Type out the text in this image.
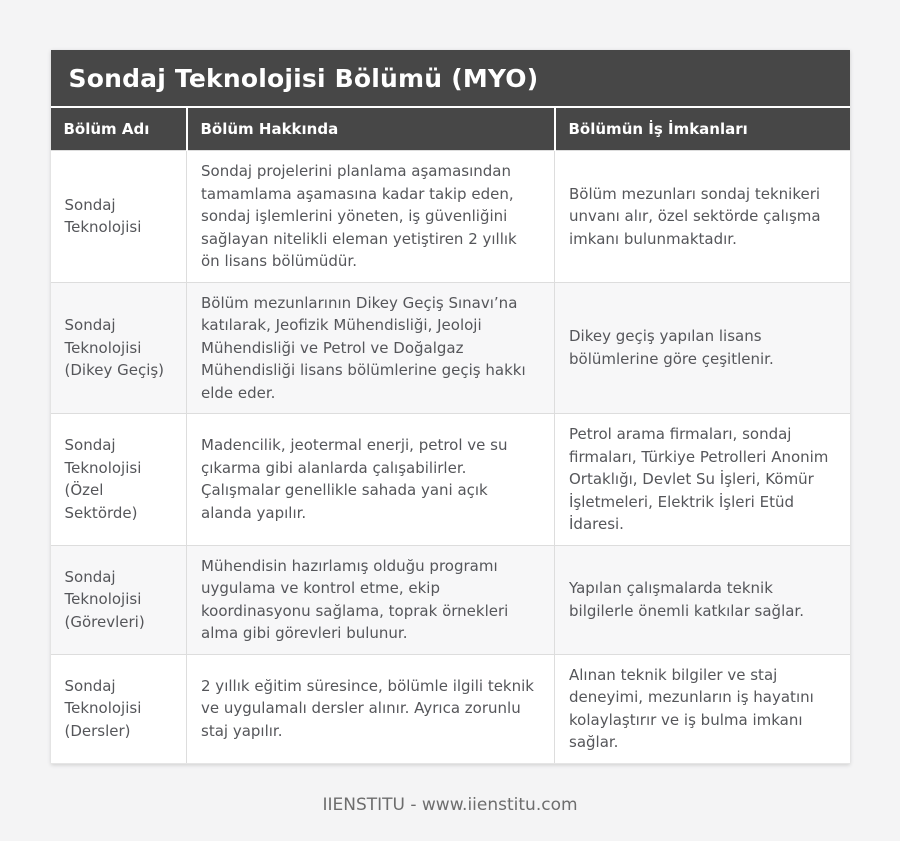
Sondaj Teknolojisi Bölümü (MYO)
Bölüm Adı	Bölüm Hakkında	Bölümün İş İmkanları
Sondaj Teknolojisi	Sondaj projelerini planlama aşamasından tamamlama aşamasına kadar takip eden, sondaj işlemlerini yöneten, iş güvenliğini sağlayan nitelikli eleman yetiştiren 2 yıllık ön lisans bölümüdür.	Bölüm mezunları sondaj teknikeri unvanı alır, özel sektörde çalışma imkanı bulunmaktadır.
Sondaj Teknolojisi (Dikey Geçiş)	Bölüm mezunlarının Dikey Geçiş Sınavı’na katılarak, Jeofizik Mühendisliği, Jeoloji Mühendisliği ve Petrol ve Doğalgaz Mühendisliği lisans bölümlerine geçiş hakkı elde eder.	Dikey geçiş yapılan lisans bölümlerine göre çeşitlenir.
Sondaj Teknolojisi (Özel Sektörde)	Madencilik, jeotermal enerji, petrol ve su çıkarma gibi alanlarda çalışabilirler. Çalışmalar genellikle sahada yani açık alanda yapılır.	Petrol arama firmaları, sondaj firmaları, Türkiye Petrolleri Anonim Ortaklığı, Devlet Su İşleri, Kömür İşletmeleri, Elektrik İşleri Etüd İdaresi.
Sondaj Teknolojisi (Görevleri)	Mühendisin hazırlamış olduğu programı uygulama ve kontrol etme, ekip koordinasyonu sağlama, toprak örnekleri alma gibi görevleri bulunur.	Yapılan çalışmalarda teknik bilgilerle önemli katkılar sağlar.
Sondaj Teknolojisi (Dersler)	2 yıllık eğitim süresince, bölümle ilgili teknik ve uygulamalı dersler alınır. Ayrıca zorunlu staj yapılır.	Alınan teknik bilgiler ve staj deneyimi, mezunların iş hayatını kolaylaştırır ve iş bulma imkanı sağlar.
IIENSTITU - www.iienstitu.com
